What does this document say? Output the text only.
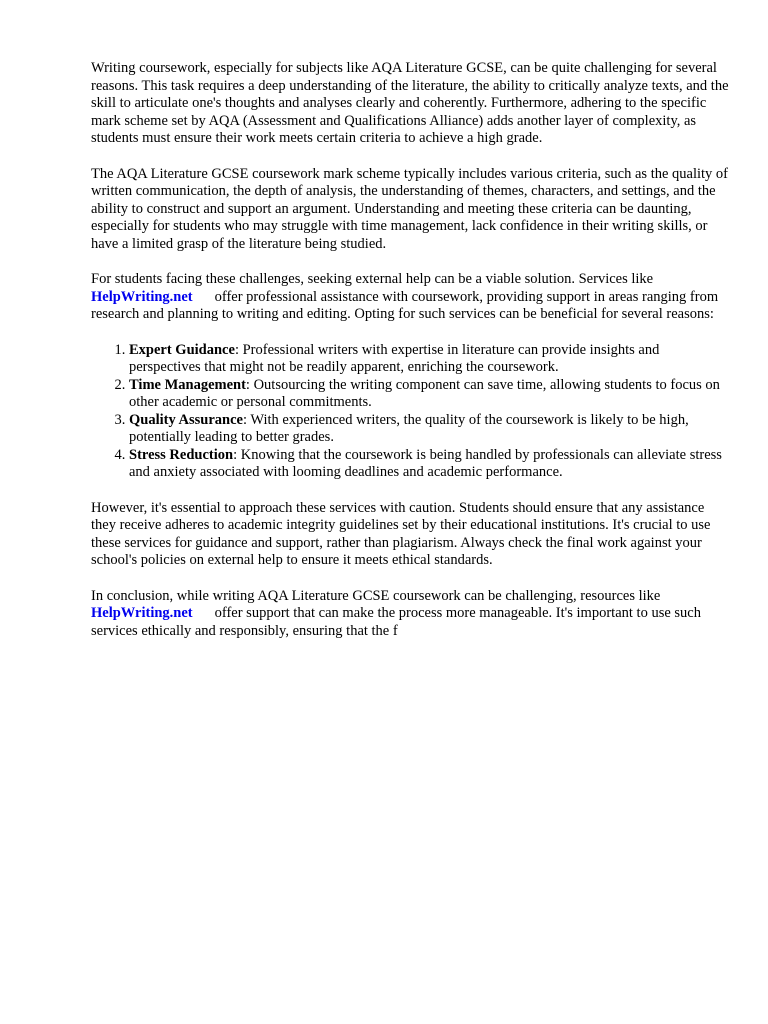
Writing coursework, especially for subjects like AQA Literature GCSE, can be quite challenging for several reasons. This task requires a deep understanding of the literature, the ability to critically analyze texts, and the skill to articulate one's thoughts and analyses clearly and coherently. Furthermore, adhering to the specific mark scheme set by AQA (Assessment and Qualifications Alliance) adds another layer of complexity, as students must ensure their work meets certain criteria to achieve a high grade.

The AQA Literature GCSE coursework mark scheme typically includes various criteria, such as the quality of written communication, the depth of analysis, the understanding of themes, characters, and settings, and the ability to construct and support an argument. Understanding and meeting these criteria can be daunting, especially for students who may struggle with time management, lack confidence in their writing skills, or have a limited grasp of the literature being studied.

For students facing these challenges, seeking external help can be a viable solution. Services like
HelpWriting.net offer professional assistance with coursework, providing support in areas ranging from research and planning to writing and editing. Opting for such services can be beneficial for several reasons:

1. Expert Guidance: Professional writers with expertise in literature can provide insights and perspectives that might not be readily apparent, enriching the coursework.
2. Time Management: Outsourcing the writing component can save time, allowing students to focus on other academic or personal commitments.
3. Quality Assurance: With experienced writers, the quality of the coursework is likely to be high, potentially leading to better grades.
4. Stress Reduction: Knowing that the coursework is being handled by professionals can alleviate stress and anxiety associated with looming deadlines and academic performance.

However, it's essential to approach these services with caution. Students should ensure that any assistance they receive adheres to academic integrity guidelines set by their educational institutions. It's crucial to use these services for guidance and support, rather than plagiarism. Always check the final work against your school's policies on external help to ensure it meets ethical standards.

In conclusion, while writing AQA Literature GCSE coursework can be challenging, resources like
HelpWriting.net offer support that can make the process more manageable. It's important to use such services ethically and responsibly, ensuring that the f
